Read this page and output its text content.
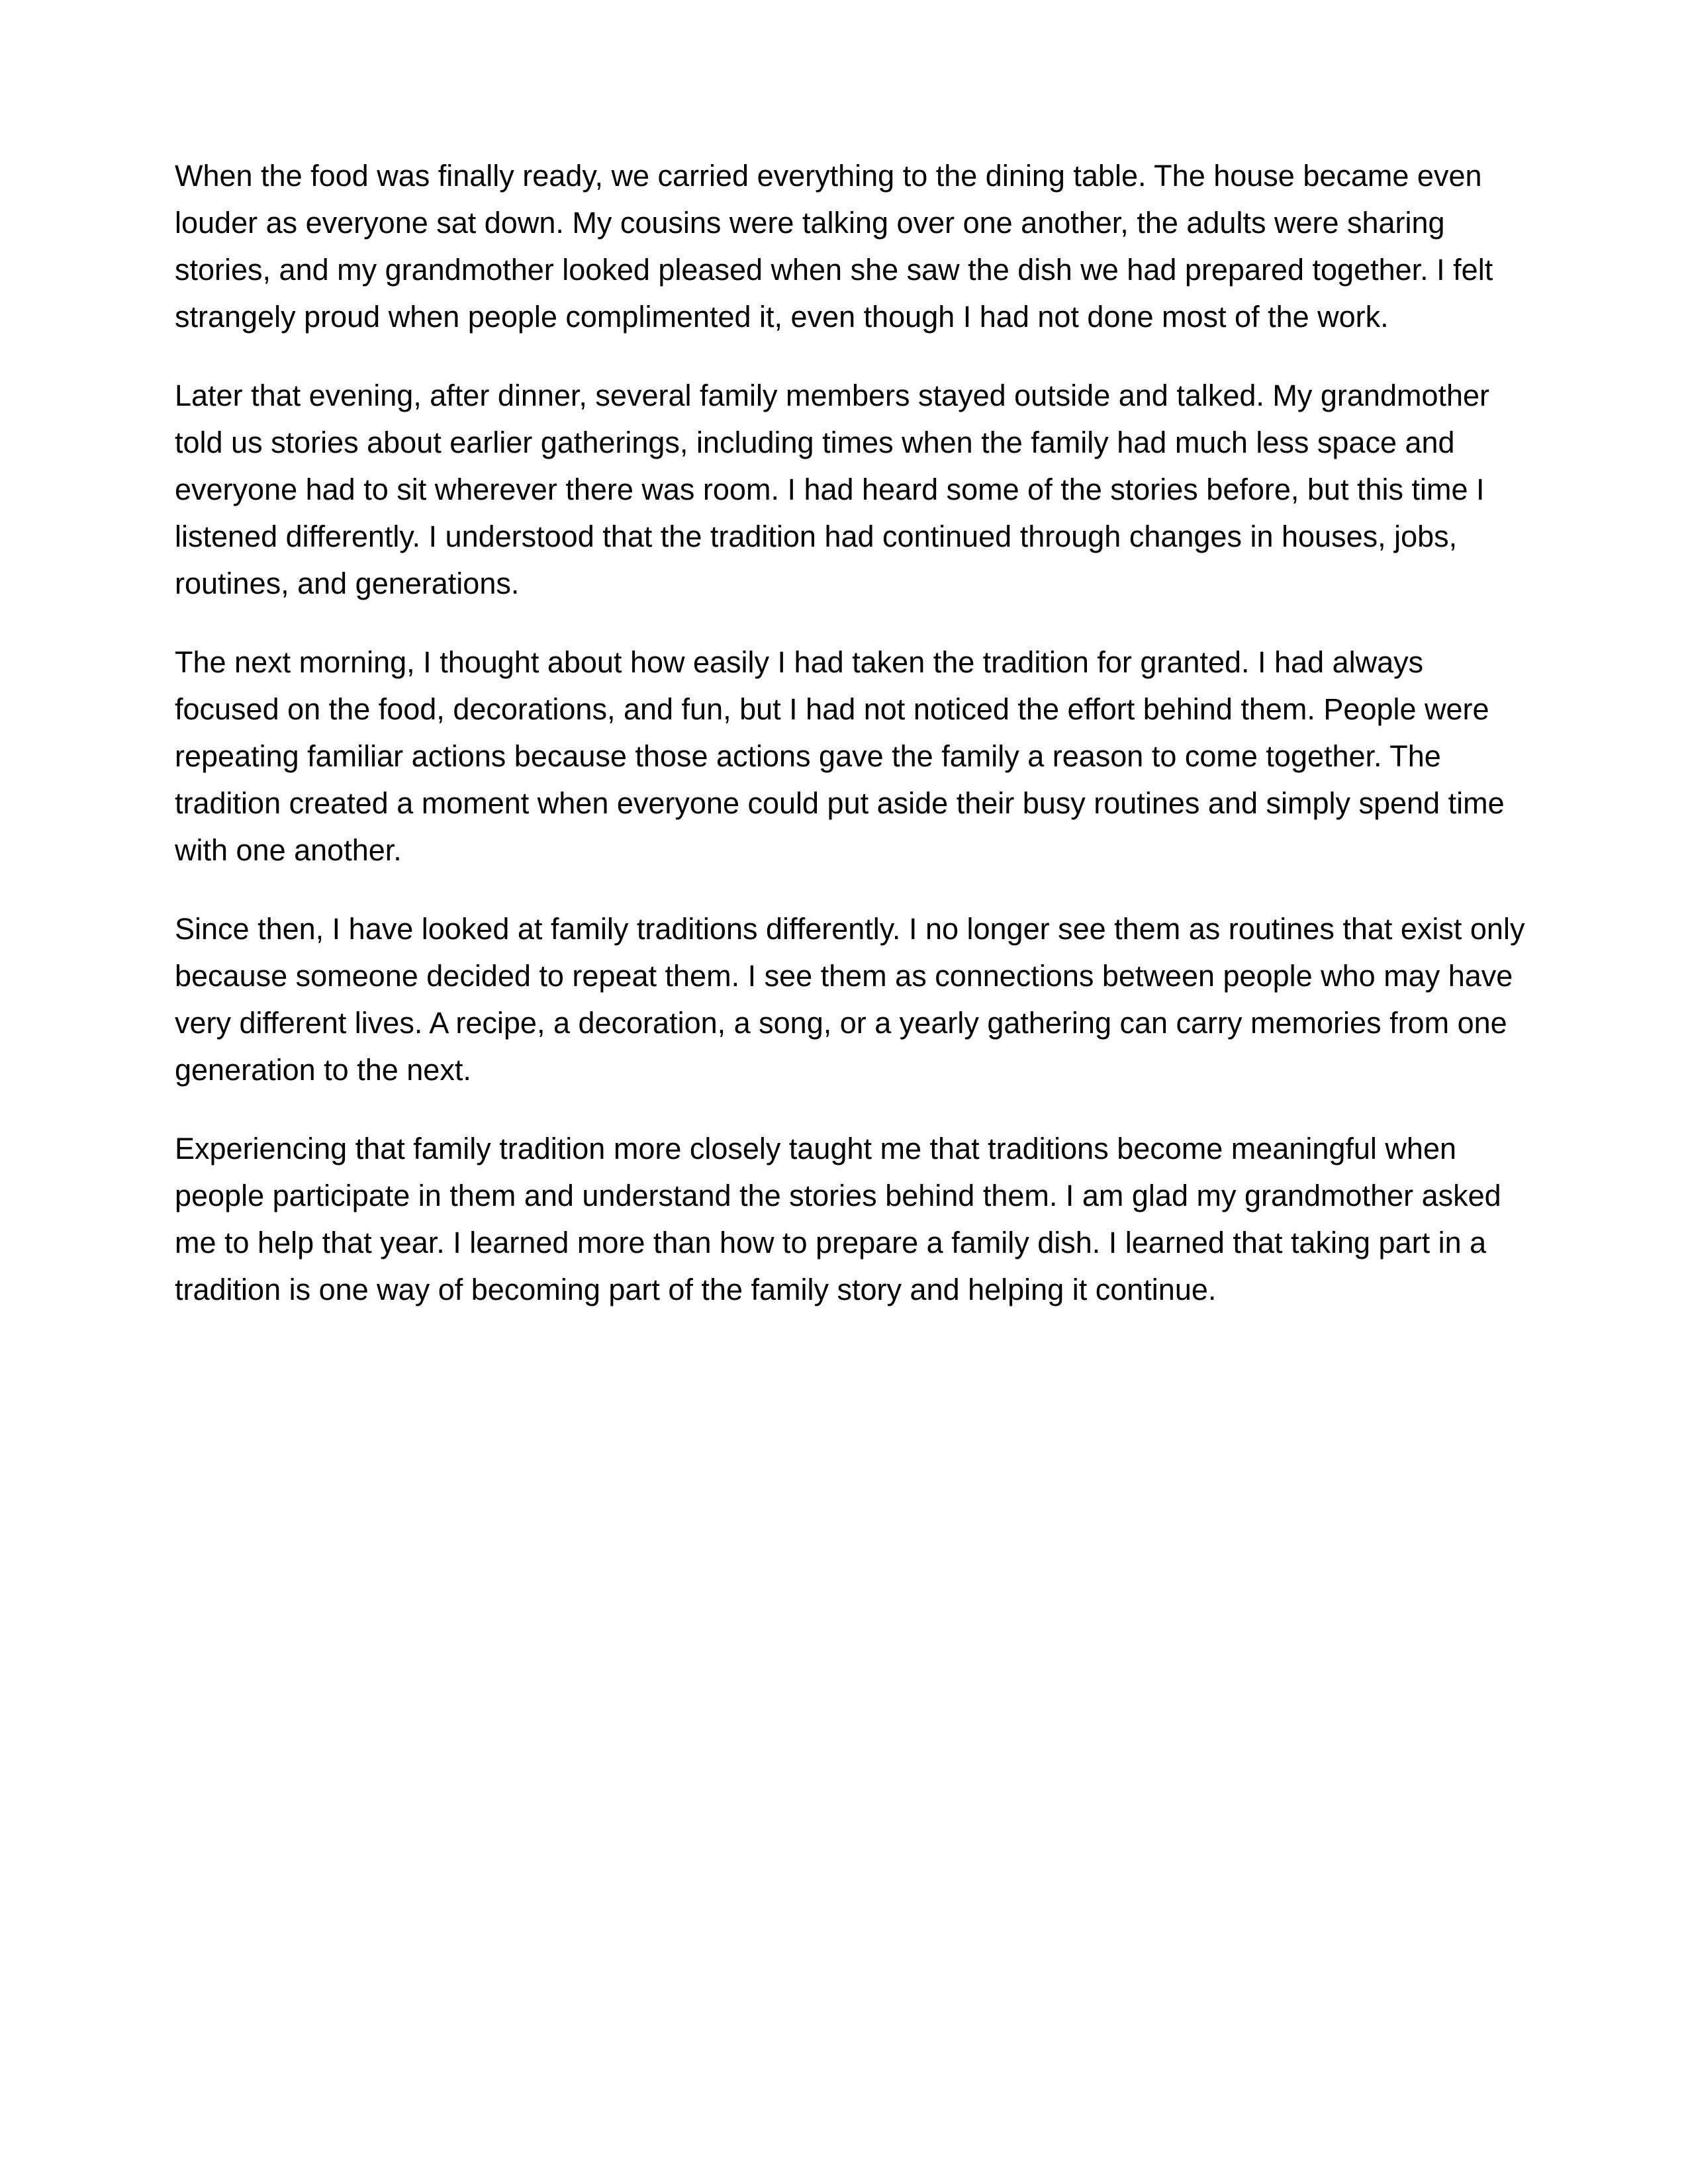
When the food was finally ready, we carried everything to the dining table. The house became even louder as everyone sat down. My cousins were talking over one another, the adults were sharing stories, and my grandmother looked pleased when she saw the dish we had prepared together. I felt strangely proud when people complimented it, even though I had not done most of the work.

Later that evening, after dinner, several family members stayed outside and talked. My grandmother told us stories about earlier gatherings, including times when the family had much less space and everyone had to sit wherever there was room. I had heard some of the stories before, but this time I listened differently. I understood that the tradition had continued through changes in houses, jobs, routines, and generations.

The next morning, I thought about how easily I had taken the tradition for granted. I had always focused on the food, decorations, and fun, but I had not noticed the effort behind them. People were repeating familiar actions because those actions gave the family a reason to come together. The tradition created a moment when everyone could put aside their busy routines and simply spend time with one another.

Since then, I have looked at family traditions differently. I no longer see them as routines that exist only because someone decided to repeat them. I see them as connections between people who may have very different lives. A recipe, a decoration, a song, or a yearly gathering can carry memories from one generation to the next.

Experiencing that family tradition more closely taught me that traditions become meaningful when people participate in them and understand the stories behind them. I am glad my grandmother asked me to help that year. I learned more than how to prepare a family dish. I learned that taking part in a tradition is one way of becoming part of the family story and helping it continue.
